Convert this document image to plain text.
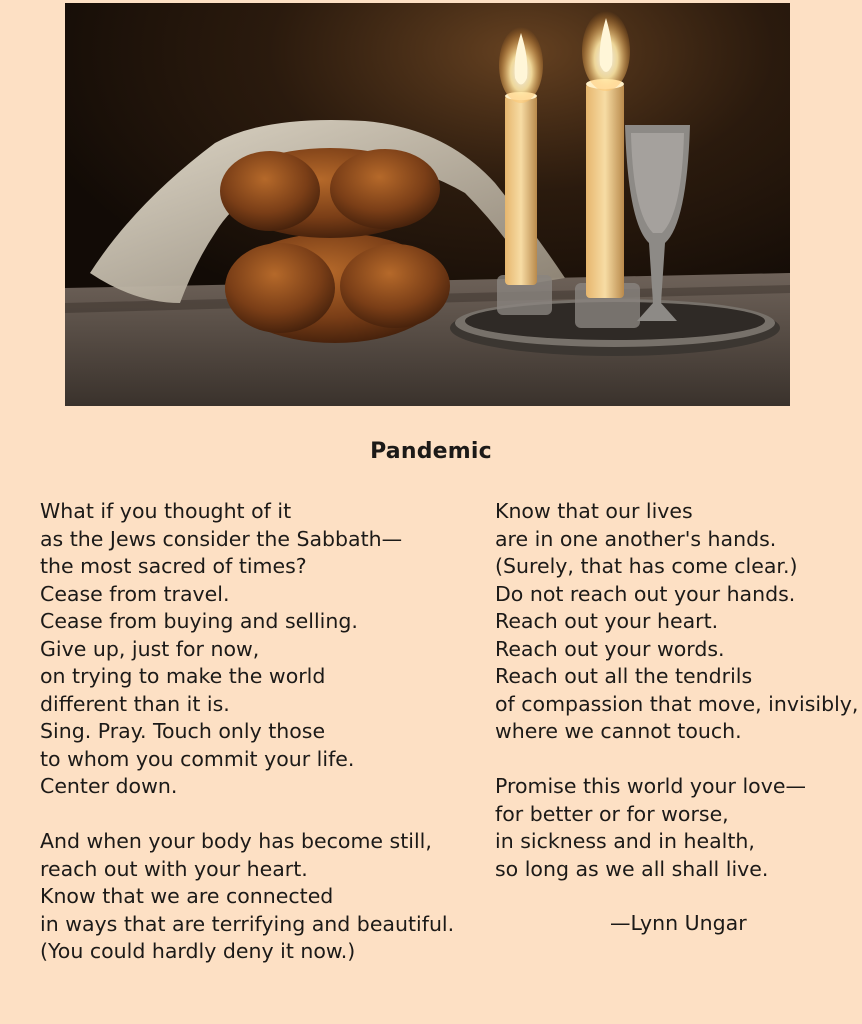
Pandemic
What if you thought of it
as the Jews consider the Sabbath—
the most sacred of times?
Cease from travel.
Cease from buying and selling.
Give up, just for now,
on trying to make the world
different than it is.
Sing. Pray. Touch only those
to whom you commit your life.
Center down.
And when your body has become still,
reach out with your heart.
Know that we are connected
in ways that are terrifying and beautiful.
(You could hardly deny it now.)
Know that our lives
are in one another's hands.
(Surely, that has come clear.)
Do not reach out your hands.
Reach out your heart.
Reach out your words.
Reach out all the tendrils
of compassion that move, invisibly,
where we cannot touch.
Promise this world your love—
for better or for worse,
in sickness and in health,
so long as we all shall live.
—Lynn Ungar
